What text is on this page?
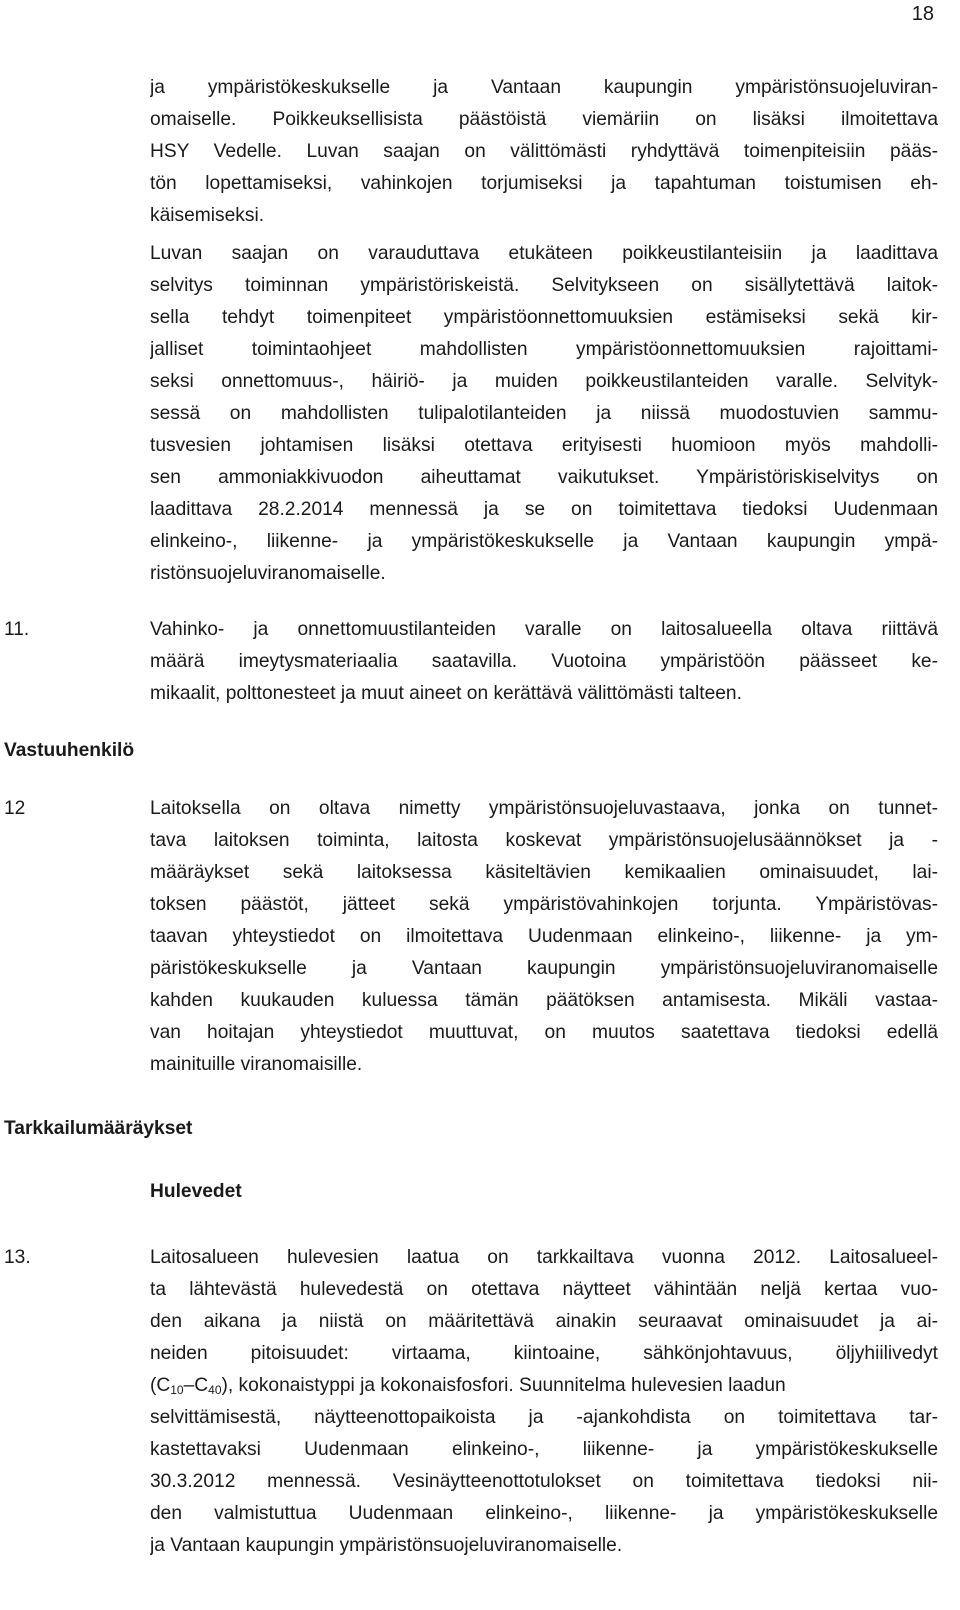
18
ja ympäristökeskukselle ja Vantaan kaupungin ympäristönsuojeluviran-
omaiselle. Poikkeuksellisista päästöistä viemäriin on lisäksi ilmoitettava
HSY Vedelle. Luvan saajan on välittömästi ryhdyttävä toimenpiteisiin pääs-
tön lopettamiseksi, vahinkojen torjumiseksi ja tapahtuman toistumisen eh-
käisemiseksi.
Luvan saajan on varauduttava etukäteen poikkeustilanteisiin ja laadittava
selvitys toiminnan ympäristöriskeistä. Selvitykseen on sisällytettävä laitok-
sella tehdyt toimenpiteet ympäristöonnettomuuksien estämiseksi sekä kir-
jalliset toimintaohjeet mahdollisten ympäristöonnettomuuksien rajoittami-
seksi onnettomuus-, häiriö- ja muiden poikkeustilanteiden varalle. Selvityk-
sessä on mahdollisten tulipalotilanteiden ja niissä muodostuvien sammu-
tusvesien johtamisen lisäksi otettava erityisesti huomioon myös mahdolli-
sen ammoniakkivuodon aiheuttamat vaikutukset. Ympäristöriskiselvitys on
laadittava 28.2.2014 mennessä ja se on toimitettava tiedoksi Uudenmaan
elinkeino-, liikenne- ja ympäristökeskukselle ja Vantaan kaupungin ympä-
ristönsuojeluviranomaiselle.
11.	Vahinko- ja onnettomuustilanteiden varalle on laitosalueella oltava riittävä
määrä imeytysmateriaalia saatavilla. Vuotoina ympäristöön päässeet ke-
mikaalit, polttonesteet ja muut aineet on kerättävä välittömästi talteen.
Vastuuhenkilö
12	Laitoksella on oltava nimetty ympäristönsuojeluvastaava, jonka on tunnet-
tava laitoksen toiminta, laitosta koskevat ympäristönsuojelusäännökset ja -
määräykset sekä laitoksessa käsiteltävien kemikaalien ominaisuudet, lai-
toksen päästöt, jätteet sekä ympäristövahinkojen torjunta. Ympäristövas-
taavan yhteystiedot on ilmoitettava Uudenmaan elinkeino-, liikenne- ja ym-
päristökeskukselle ja Vantaan kaupungin ympäristönsuojeluviranomaiselle
kahden kuukauden kuluessa tämän päätöksen antamisesta. Mikäli vastaa-
van hoitajan yhteystiedot muuttuvat, on muutos saatettava tiedoksi edellä
mainituille viranomaisille.
Tarkkailumääräykset
Hulevedet
13.	Laitosalueen hulevesien laatua on tarkkailtava vuonna 2012. Laitosalueel-
ta lähtevästä hulevedestä on otettava näytteet vähintään neljä kertaa vuo-
den aikana ja niistä on määritettävä ainakin seuraavat ominaisuudet ja ai-
neiden pitoisuudet: virtaama, kiintoaine, sähkönjohtavuus, öljyhiilivedyt
$(C_{10}-C_{40})$, kokonaistyppi ja kokonaisfosfori. Suunnitelma hulevesien laadun
selvittämisestä, näytteenottopaikoista ja -ajankohdista on toimitettava tar-
kastettavaksi Uudenmaan elinkeino-, liikenne- ja ympäristökeskukselle
30.3.2012 mennessä. Vesinäytteenottotulokset on toimitettava tiedoksi nii-
den valmistuttua Uudenmaan elinkeino-, liikenne- ja ympäristökeskukselle
ja Vantaan kaupungin ympäristönsuojeluviranomaiselle.
